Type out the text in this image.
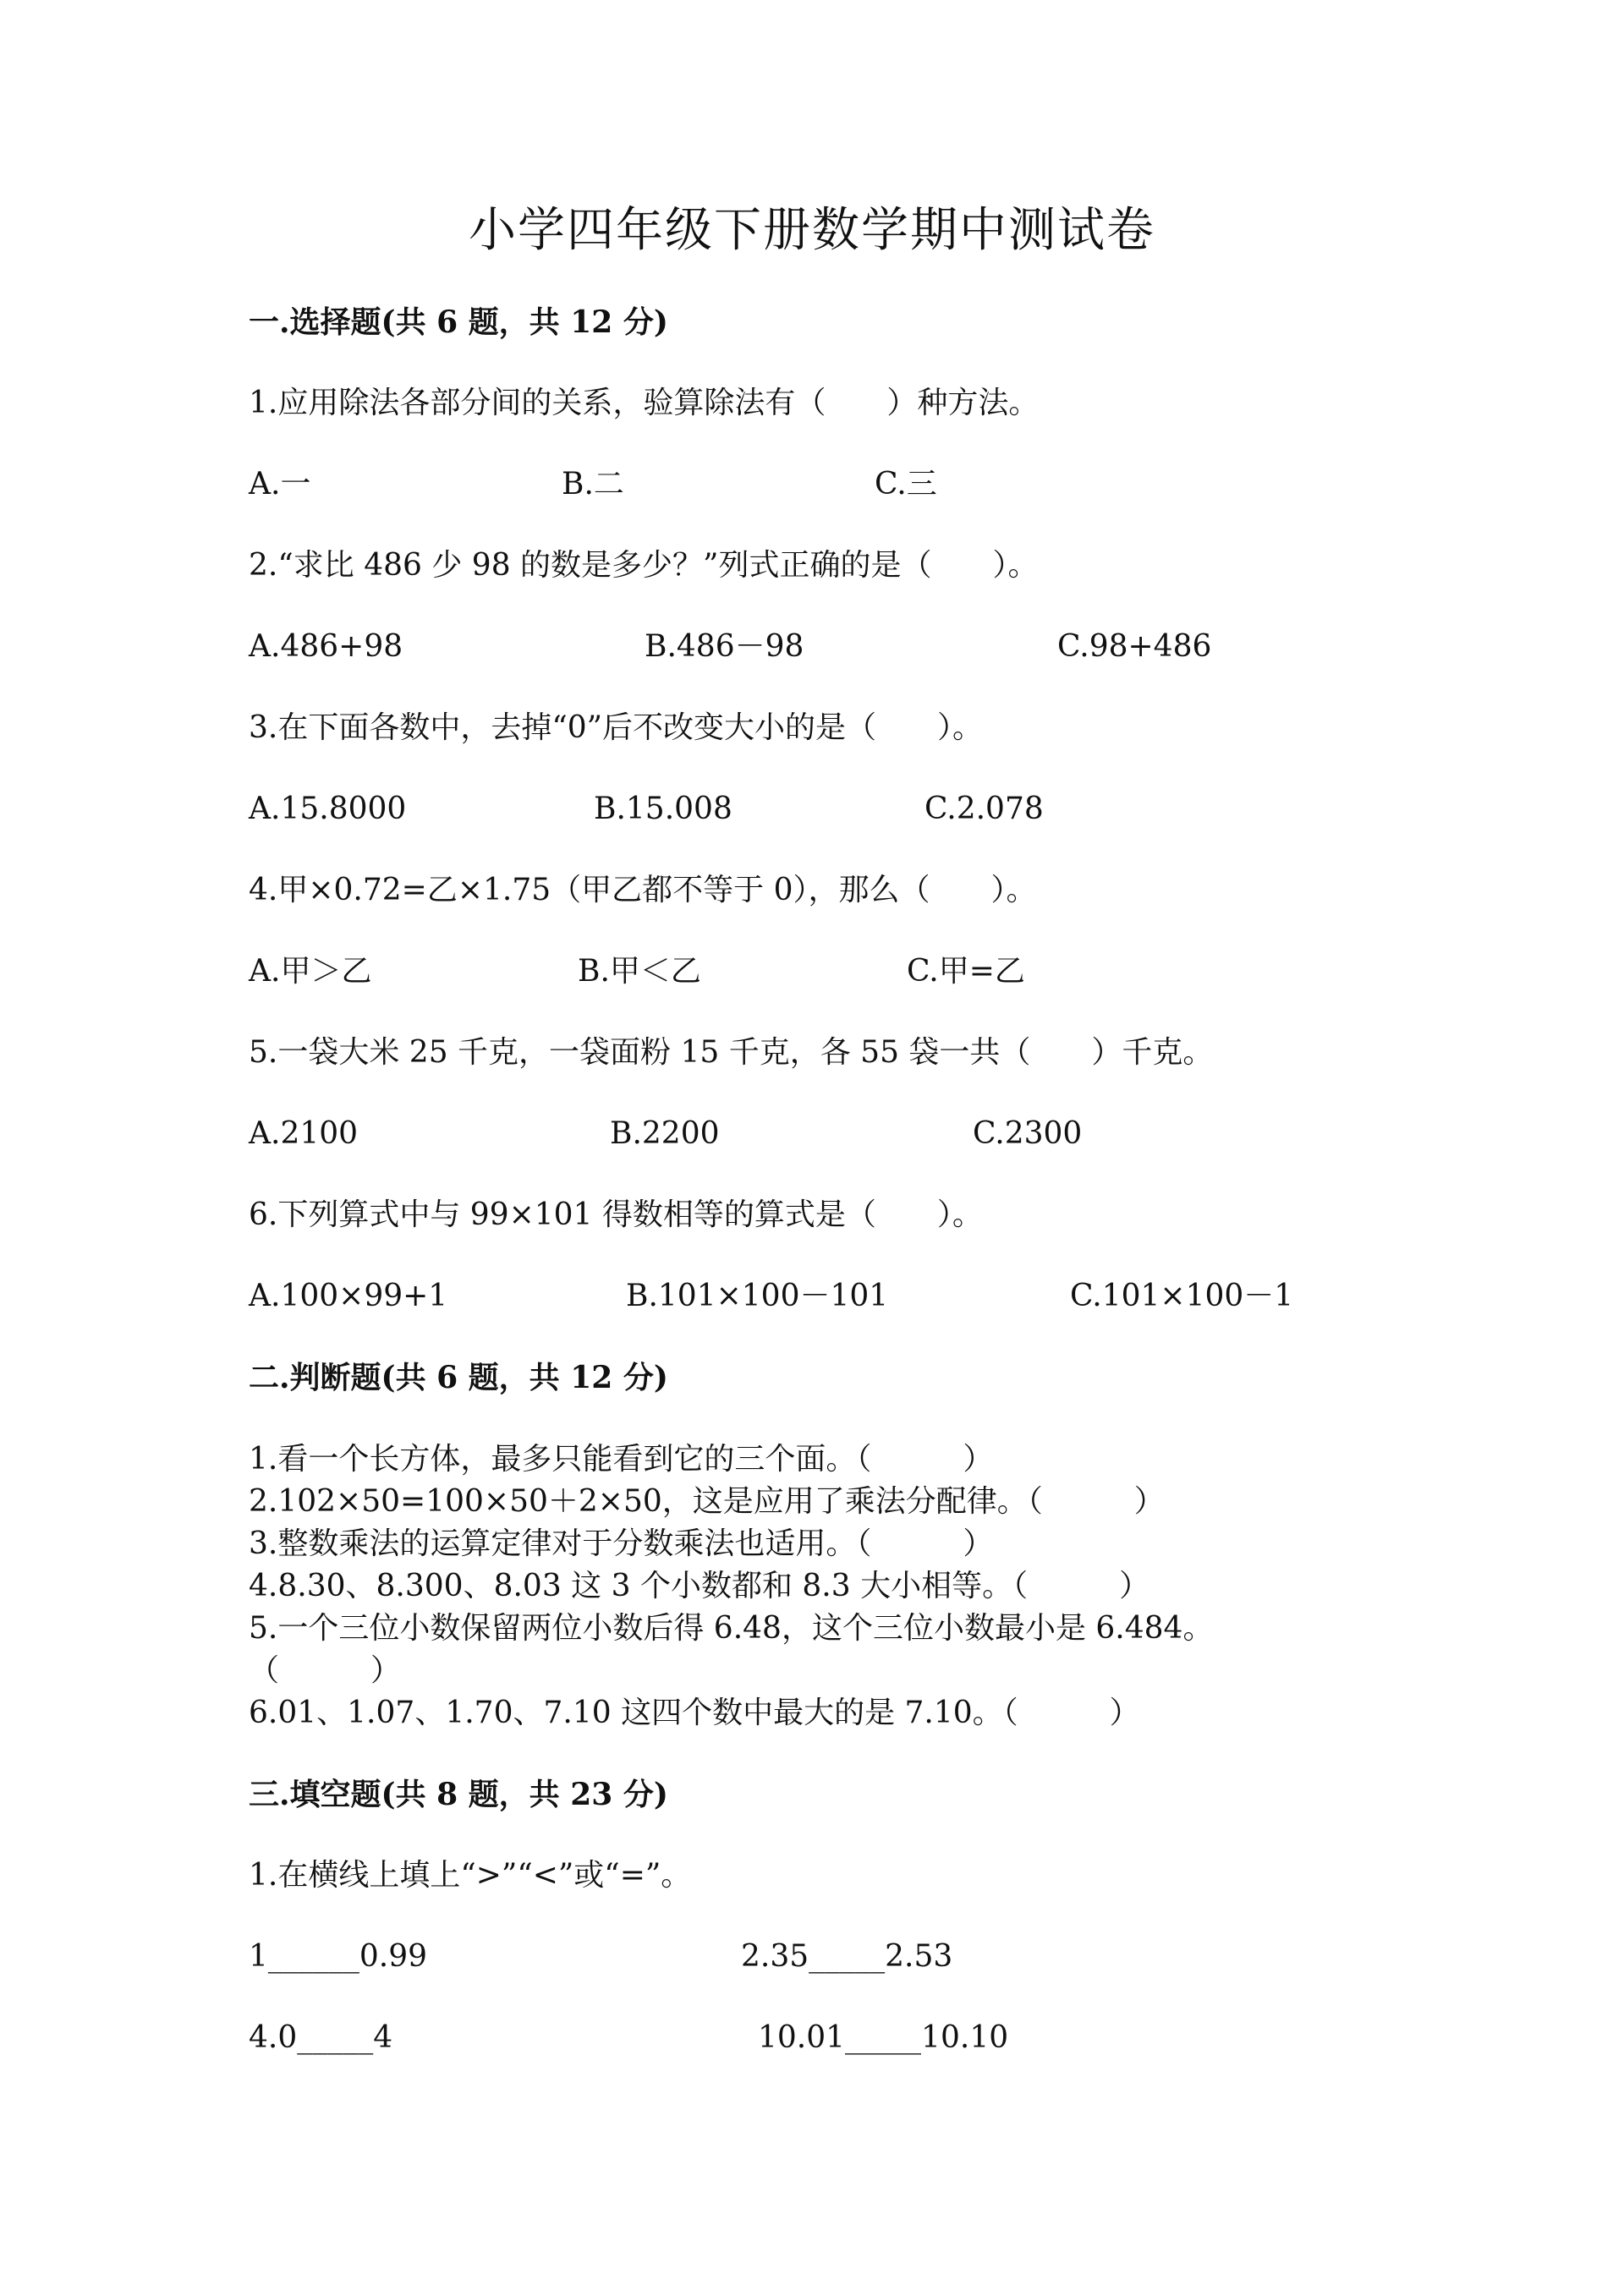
小学四年级下册数学期中测试卷
一.选择题(共 6 题，共 12 分)
1.应用除法各部分间的关系，验算除法有（　　）种方法。
A.一	B.二	C.三
2.“求比 486 少 98 的数是多少？”列式正确的是（　　）。
A.486+98	B.486－98	C.98+486
3.在下面各数中，去掉“0”后不改变大小的是（　　）。
A.15.8000	B.15.008	C.2.078
4.甲×0.72=乙×1.75（甲乙都不等于 0），那么（　　）。
A.甲＞乙	B.甲＜乙	C.甲=乙
5.一袋大米 25 千克，一袋面粉 15 千克，各 55 袋一共（　　）千克。
A.2100	B.2200	C.2300
6.下列算式中与 99×101 得数相等的算式是（　　）。
A.100×99+1	B.101×100－101	C.101×100－1
二.判断题(共 6 题，共 12 分)
1.看一个长方体，最多只能看到它的三个面。（　　　）
2.102×50=100×50＋2×50，这是应用了乘法分配律。（　　　）
3.整数乘法的运算定律对于分数乘法也适用。（　　　）
4.8.30、8.300、8.03 这 3 个小数都和 8.3 大小相等。（　　　）
5.一个三位小数保留两位小数后得 6.48，这个三位小数最小是 6.484。
（　　　）
6.01、1.07、1.70、7.10 这四个数中最大的是 7.10。（　　　）
三.填空题(共 8 题，共 23 分)
1.在横线上填上“>”“<”或“=”。
1______0.99	2.35_____2.53
4.0_____4	10.01_____10.10
